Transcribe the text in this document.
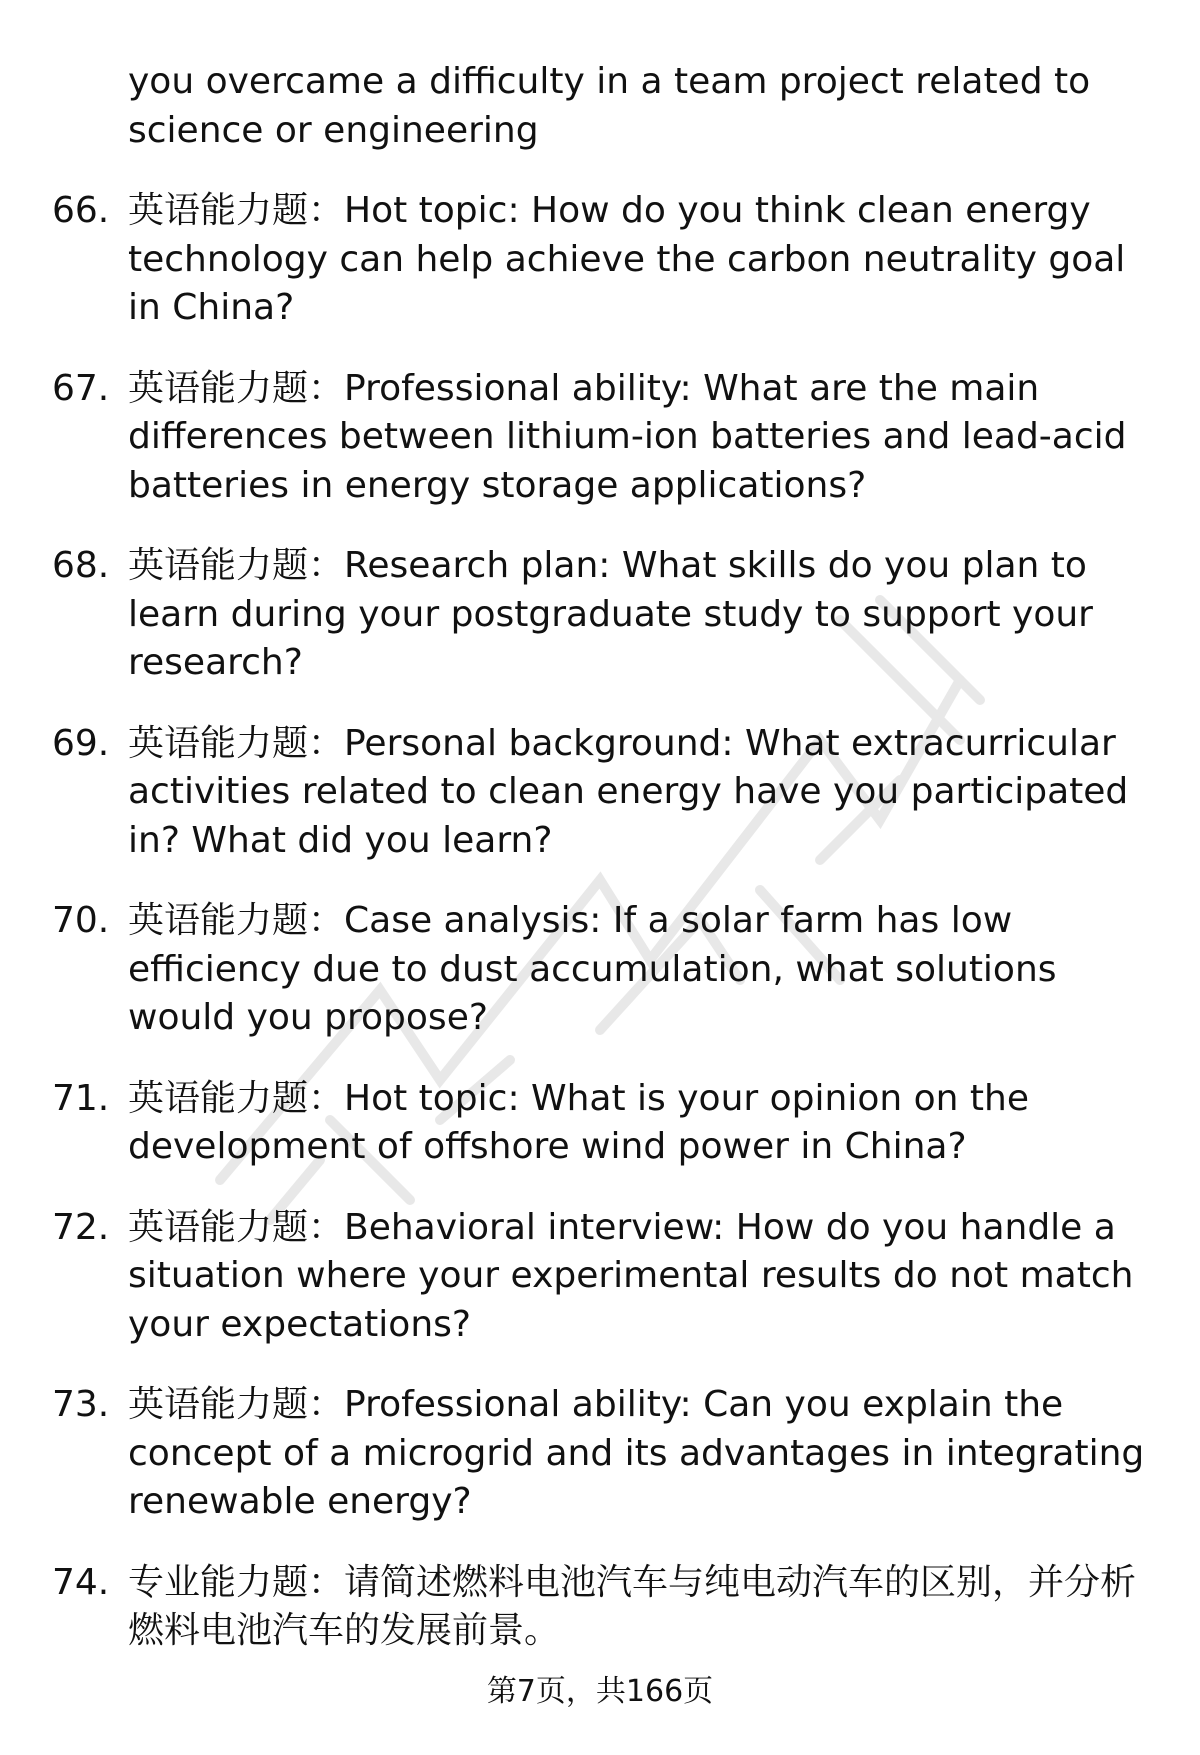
you overcame a difficulty in a team project related to science or engineering
66. 英语能力题：Hot topic: How do you think clean energy technology can help achieve the carbon neutrality goal in China?
67. 英语能力题：Professional ability: What are the main differences between lithium-ion batteries and lead-acid batteries in energy storage applications?
68. 英语能力题：Research plan: What skills do you plan to learn during your postgraduate study to support your research?
69. 英语能力题：Personal background: What extracurricular activities related to clean energy have you participated in? What did you learn?
70. 英语能力题：Case analysis: If a solar farm has low efficiency due to dust accumulation, what solutions would you propose?
71. 英语能力题：Hot topic: What is your opinion on the development of offshore wind power in China?
72. 英语能力题：Behavioral interview: How do you handle a situation where your experimental results do not match your expectations?
73. 英语能力题：Professional ability: Can you explain the concept of a microgrid and its advantages in integrating renewable energy?
74. 专业能力题：请简述燃料电池汽车与纯电动汽车的区别，并分析燃料电池汽车的发展前景。
第7页，共166页
